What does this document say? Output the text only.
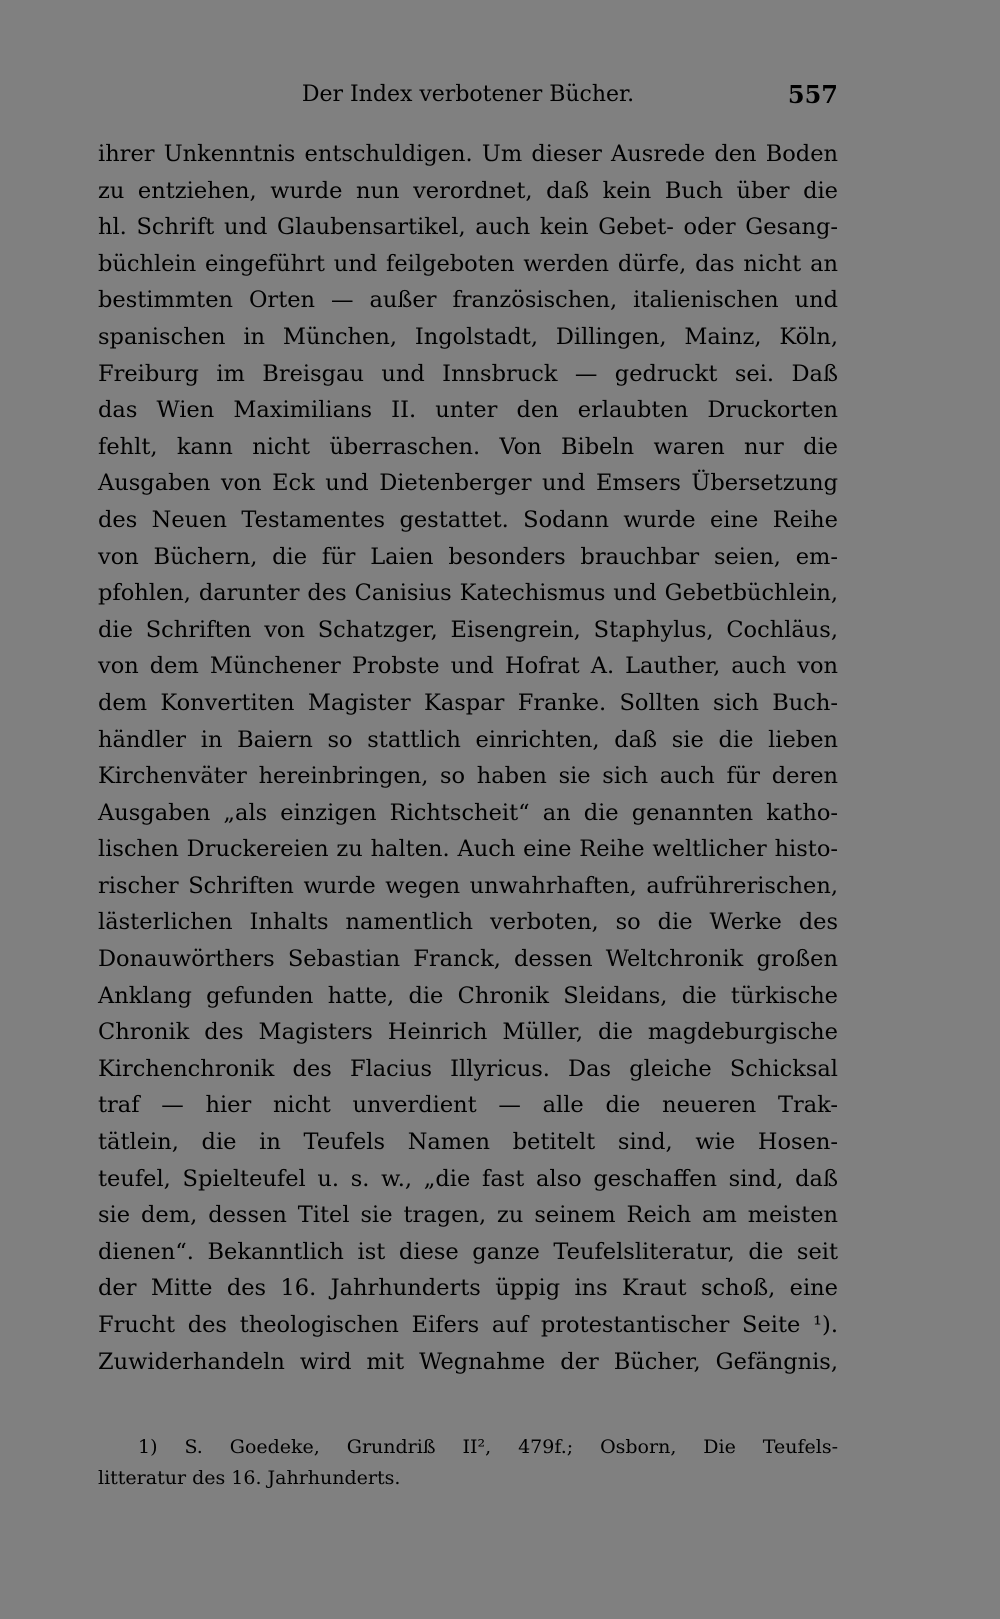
Der Index verbotener Bücher.	557
ihrer Unkenntnis entschuldigen. Um dieser Ausrede den Boden
zu entziehen, wurde nun verordnet, daß kein Buch über die
hl. Schrift und Glaubensartikel, auch kein Gebet- oder Gesang-
büchlein eingeführt und feilgeboten werden dürfe, das nicht an
bestimmten Orten — außer französischen, italienischen und
spanischen in München, Ingolstadt, Dillingen, Mainz, Köln,
Freiburg im Breisgau und Innsbruck — gedruckt sei. Daß
das Wien Maximilians II. unter den erlaubten Druckorten
fehlt, kann nicht überraschen. Von Bibeln waren nur die
Ausgaben von Eck und Dietenberger und Emsers Übersetzung
des Neuen Testamentes gestattet. Sodann wurde eine Reihe
von Büchern, die für Laien besonders brauchbar seien, em-
pfohlen, darunter des Canisius Katechismus und Gebetbüchlein,
die Schriften von Schatzger, Eisengrein, Staphylus, Cochläus,
von dem Münchener Probste und Hofrat A. Lauther, auch von
dem Konvertiten Magister Kaspar Franke. Sollten sich Buch-
händler in Baiern so stattlich einrichten, daß sie die lieben
Kirchenväter hereinbringen, so haben sie sich auch für deren
Ausgaben „als einzigen Richtscheit“ an die genannten katho-
lischen Druckereien zu halten. Auch eine Reihe weltlicher histo-
rischer Schriften wurde wegen unwahrhaften, aufrührerischen,
lästerlichen Inhalts namentlich verboten, so die Werke des
Donauwörthers Sebastian Franck, dessen Weltchronik großen
Anklang gefunden hatte, die Chronik Sleidans, die türkische
Chronik des Magisters Heinrich Müller, die magdeburgische
Kirchenchronik des Flacius Illyricus. Das gleiche Schicksal
traf — hier nicht unverdient — alle die neueren Trak-
tätlein, die in Teufels Namen betitelt sind, wie Hosen-
teufel, Spielteufel u. s. w., „die fast also geschaffen sind, daß
sie dem, dessen Titel sie tragen, zu seinem Reich am meisten
dienen“. Bekanntlich ist diese ganze Teufelsliteratur, die seit
der Mitte des 16. Jahrhunderts üppig ins Kraut schoß, eine
Frucht des theologischen Eifers auf protestantischer Seite ¹).
Zuwiderhandeln wird mit Wegnahme der Bücher, Gefängnis,
1) S. Goedeke, Grundriß II², 479f.; Osborn, Die Teufels-
litteratur des 16. Jahrhunderts.
